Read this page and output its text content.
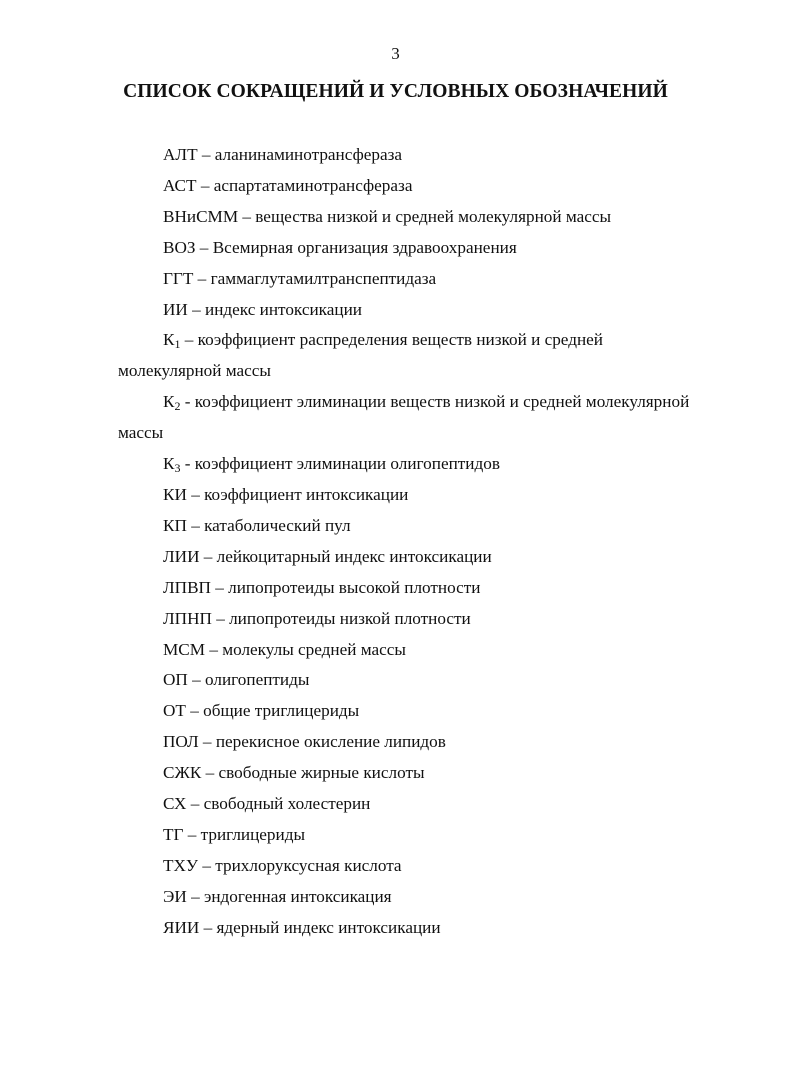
3
СПИСОК СОКРАЩЕНИЙ И УСЛОВНЫХ ОБОЗНАЧЕНИЙ
АЛТ – аланинаминотрансфераза
АСТ – аспартатаминотрансфераза
ВНиСММ – вещества низкой и средней молекулярной массы
ВОЗ – Всемирная организация здравоохранения
ГГТ – гаммаглутамилтранспептидаза
ИИ – индекс интоксикации
$К_1$ – коэффициент распределения веществ низкой и средней молекулярной массы
$К_2$ - коэффициент элиминации веществ низкой и средней молекулярной массы
$К_3$ - коэффициент элиминации олигопептидов
КИ – коэффициент интоксикации
КП – катаболический пул
ЛИИ – лейкоцитарный индекс интоксикации
ЛПВП – липопротеиды высокой плотности
ЛПНП – липопротеиды низкой плотности
МСМ – молекулы средней массы
ОП – олигопептиды
ОТ – общие триглицериды
ПОЛ – перекисное окисление липидов
СЖК – свободные жирные кислоты
СХ – свободный холестерин
ТГ – триглицериды
ТХУ – трихлоруксусная кислота
ЭИ – эндогенная интоксикация
ЯИИ – ядерный индекс интоксикации
